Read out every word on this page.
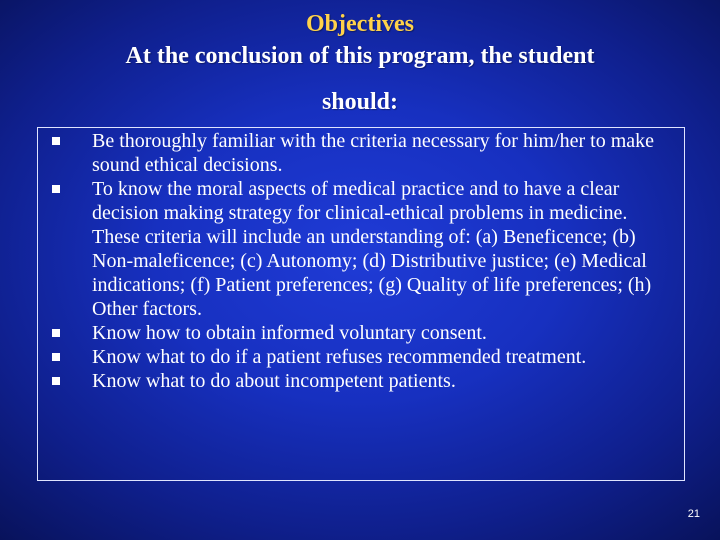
Objectives
At the conclusion of this program, the student
should:
Be thoroughly familiar with the criteria necessary for him/her to make sound ethical decisions.
To know the moral aspects of medical practice and to have a clear decision making strategy for clinical-ethical problems in medicine. These criteria will include an understanding of: (a) Beneficence; (b) Non-maleficence; (c) Autonomy; (d) Distributive justice; (e) Medical indications; (f) Patient preferences; (g) Quality of life preferences; (h) Other factors.
Know how to obtain informed voluntary consent.
Know what to do if a patient refuses recommended treatment.
Know what to do about incompetent patients.
21
